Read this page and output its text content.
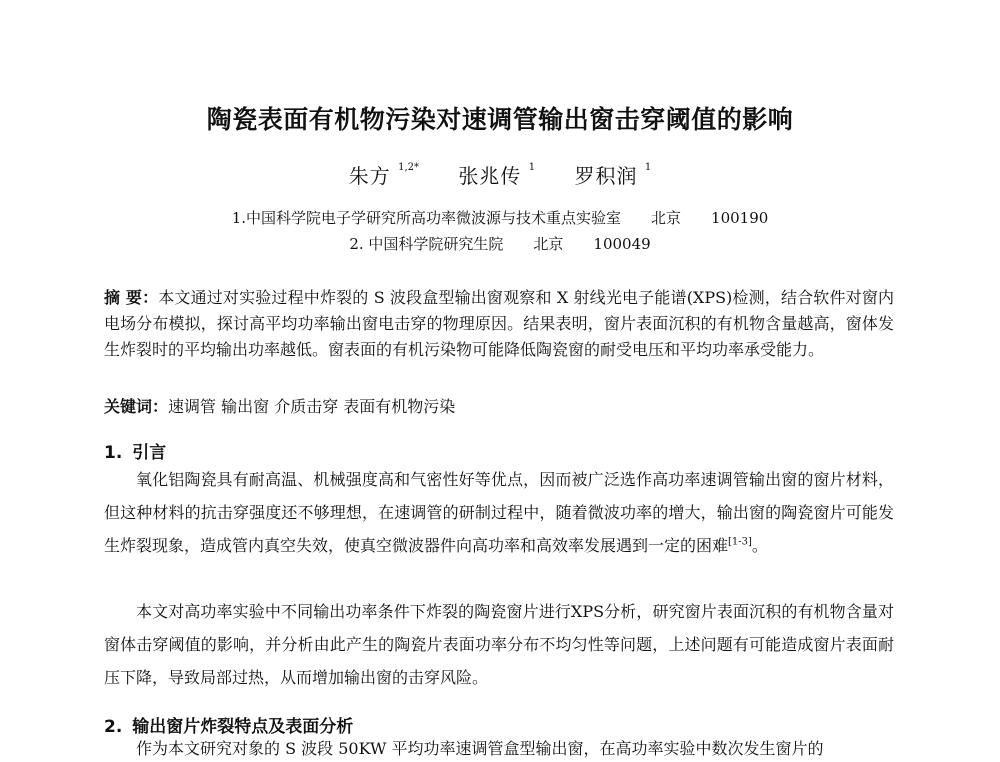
陶瓷表面有机物污染对速调管输出窗击穿阈值的影响
朱方 $^{1,2*}$ 张兆传 $^1$ 罗积润 $^1$
1.中国科学院电子学研究所高功率微波源与技术重点实验室 北京 100190
2. 中国科学院研究生院 北京 100049

摘 要：本文通过对实验过程中炸裂的 S 波段盒型输出窗观察和 X 射线光电子能谱(XPS)检测，结合软件对窗内电场分布模拟，探讨高平均功率输出窗电击穿的物理原因。结果表明，窗片表面沉积的有机物含量越高，窗体发生炸裂时的平均输出功率越低。窗表面的有机污染物可能降低陶瓷窗的耐受电压和平均功率承受能力。

关键词：速调管 输出窗 介质击穿 表面有机物污染

1. 引言

氧化铝陶瓷具有耐高温、机械强度高和气密性好等优点，因而被广泛选作高功率速调管输出窗的窗片材料，但这种材料的抗击穿强度还不够理想，在速调管的研制过程中，随着微波功率的增大，输出窗的陶瓷窗片可能发生炸裂现象，造成管内真空失效，使真空微波器件向高功率和高效率发展遇到一定的困难[1-3]。

本文对高功率实验中不同输出功率条件下炸裂的陶瓷窗片进行XPS分析，研究窗片表面沉积的有机物含量对窗体击穿阈值的影响，并分析由此产生的陶瓷片表面功率分布不均匀性等问题，上述问题有可能造成窗片表面耐压下降，导致局部过热，从而增加输出窗的击穿风险。

2. 输出窗片炸裂特点及表面分析

作为本文研究对象的 S 波段 50KW 平均功率速调管盒型输出窗，在高功率实验中数次发生窗片的
